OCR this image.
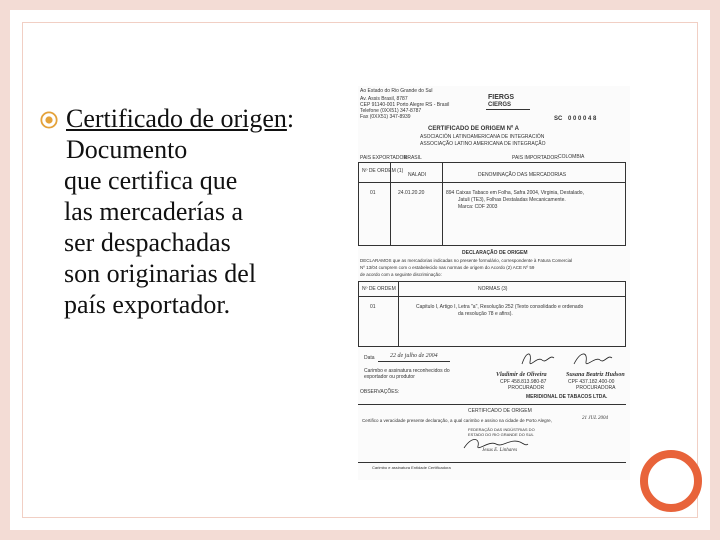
Certificado de origen: Documento
que certifica que
las mercaderías a
ser despachadas
son originarias del
país exportador.
Ao Estado do Rio Grande do Sul
Av. Assis Brasil, 8787
CEP 91140-001 Porto Alegre RS - Brasil
Telefone (0XX51) 347-8787
Fax (0XX51) 347-8939
FIERGS
CIERGS
SC 0 0 0 0 4 8
CERTIFICADO DE ORIGEM Nº A
ASOCIACIÓN LATINOAMERICANA DE INTEGRACIÓN
ASSOCIAÇÃO LATINO AMERICANA DE INTEGRAÇÃO
PAIS EXPORTADOR:
BRASIL	PAIS IMPORTADOR:
COLOMBIA
Nº DE ORDEM (1)
NALADI	DENOMINAÇÃO DAS MERCADORIAS
01	24.01.20.20	894 Caixas Tabaco em Folha, Safra 2004, Virginia, Destalado,
Jatuli (TE3), Folhas Destaladas Mecanicamente.
Marca: CDF 2003
DECLARAÇÃO DE ORIGEM
DECLARAMOS que as mercadorias indicadas no presente formulário, correspondente à Fatura Comercial
Nº 13/04 cumprem com o estabelecido nas normas de origem do Acordo (2) ACE Nº 59
de acordo com a seguinte discriminação:
Nº DE ORDEM	NORMAS (3)
01	Capitulo I, Artigo I, Letra "a", Resolução 252 (Texto consolidado e ordenado
da resolução 78 e afins).
Data	22 de julho de 2004
Carimbo e assinatura reconhecidos do
exportador ou produtor	Vladimir de Oliveira
CPF 458.813.980-87
PROCURADOR
Susana Beatriz Hudson
CPF 437.182.400-00
PROCURADORA
MERIDIONAL DE TABACOS LTDA.
OBSERVAÇÕES:
CERTIFICADO DE ORIGEM
Certifico a veracidade presente declaração, a qual carimbo e assino na cidade de Porto Alegre,	21 JUL 2004
FEDERAÇÃO DAS INDÚSTRIAS DO
ESTADO DO RIO GRANDE DO SUL
Jesus E. Linhares
Carimbo e assinatura Entidade Certificadora
